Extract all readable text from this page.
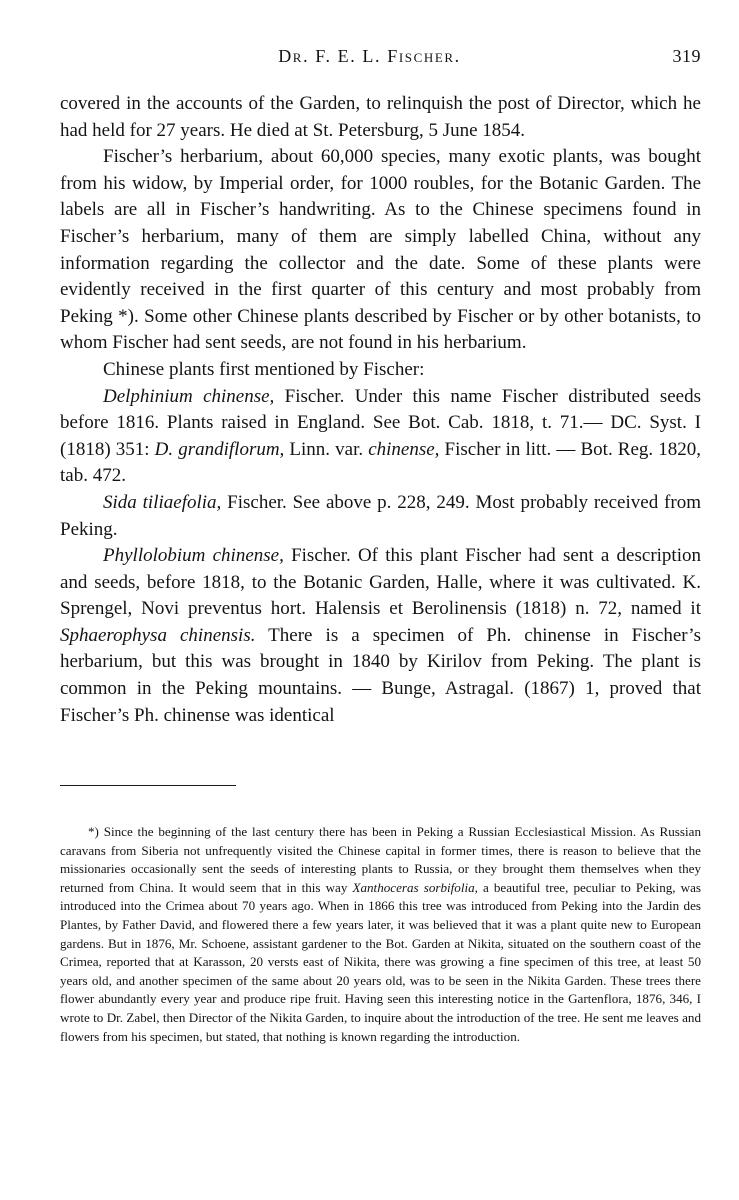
Dr. F. E. L. Fischer.	319

covered in the accounts of the Garden, to relinquish the post of Director, which he had held for 27 years. He died at St. Petersburg, 5 June 1854.

Fischer’s herbarium, about 60,000 species, many exotic plants, was bought from his widow, by Imperial order, for 1000 roubles, for the Botanic Garden. The labels are all in Fischer’s handwriting. As to the Chinese specimens found in Fischer’s herbarium, many of them are simply labelled China, without any information regarding the collector and the date. Some of these plants were evidently received in the first quarter of this century and most probably from Peking *). Some other Chinese plants described by Fischer or by other botanists, to whom Fischer had sent seeds, are not found in his herbarium.

Chinese plants first mentioned by Fischer:

Delphinium chinense, Fischer. Under this name Fischer distributed seeds before 1816. Plants raised in England. See Bot. Cab. 1818, t. 71.— DC. Syst. I (1818) 351: D. grandiflorum, Linn. var. chinense, Fischer in litt. — Bot. Reg. 1820, tab. 472.

Sida tiliaefolia, Fischer. See above p. 228, 249. Most probably received from Peking.

Phyllolobium chinense, Fischer. Of this plant Fischer had sent a description and seeds, before 1818, to the Botanic Garden, Halle, where it was cultivated. K. Sprengel, Novi preventus hort. Halensis et Berolinensis (1818) n. 72, named it Sphaerophysa chinensis. There is a specimen of Ph. chinense in Fischer’s herbarium, but this was brought in 1840 by Kirilov from Peking. The plant is common in the Peking mountains. — Bunge, Astragal. (1867) 1, proved that Fischer’s Ph. chinense was identical

*) Since the beginning of the last century there has been in Peking a Russian Ecclesiastical Mission. As Russian caravans from Siberia not unfrequently visited the Chinese capital in former times, there is reason to believe that the missionaries occasionally sent the seeds of interesting plants to Russia, or they brought them themselves when they returned from China. It would seem that in this way Xanthoceras sorbifolia, a beautiful tree, peculiar to Peking, was introduced into the Crimea about 70 years ago. When in 1866 this tree was introduced from Peking into the Jardin des Plantes, by Father David, and flowered there a few years later, it was believed that it was a plant quite new to European gardens. But in 1876, Mr. Schoene, assistant gardener to the Bot. Garden at Nikita, situated on the southern coast of the Crimea, reported that at Karasson, 20 versts east of Nikita, there was growing a fine specimen of this tree, at least 50 years old, and another specimen of the same about 20 years old, was to be seen in the Nikita Garden. These trees there flower abundantly every year and produce ripe fruit. Having seen this interesting notice in the Gartenflora, 1876, 346, I wrote to Dr. Zabel, then Director of the Nikita Garden, to inquire about the introduction of the tree. He sent me leaves and flowers from his specimen, but stated, that nothing is known regarding the introduction.
